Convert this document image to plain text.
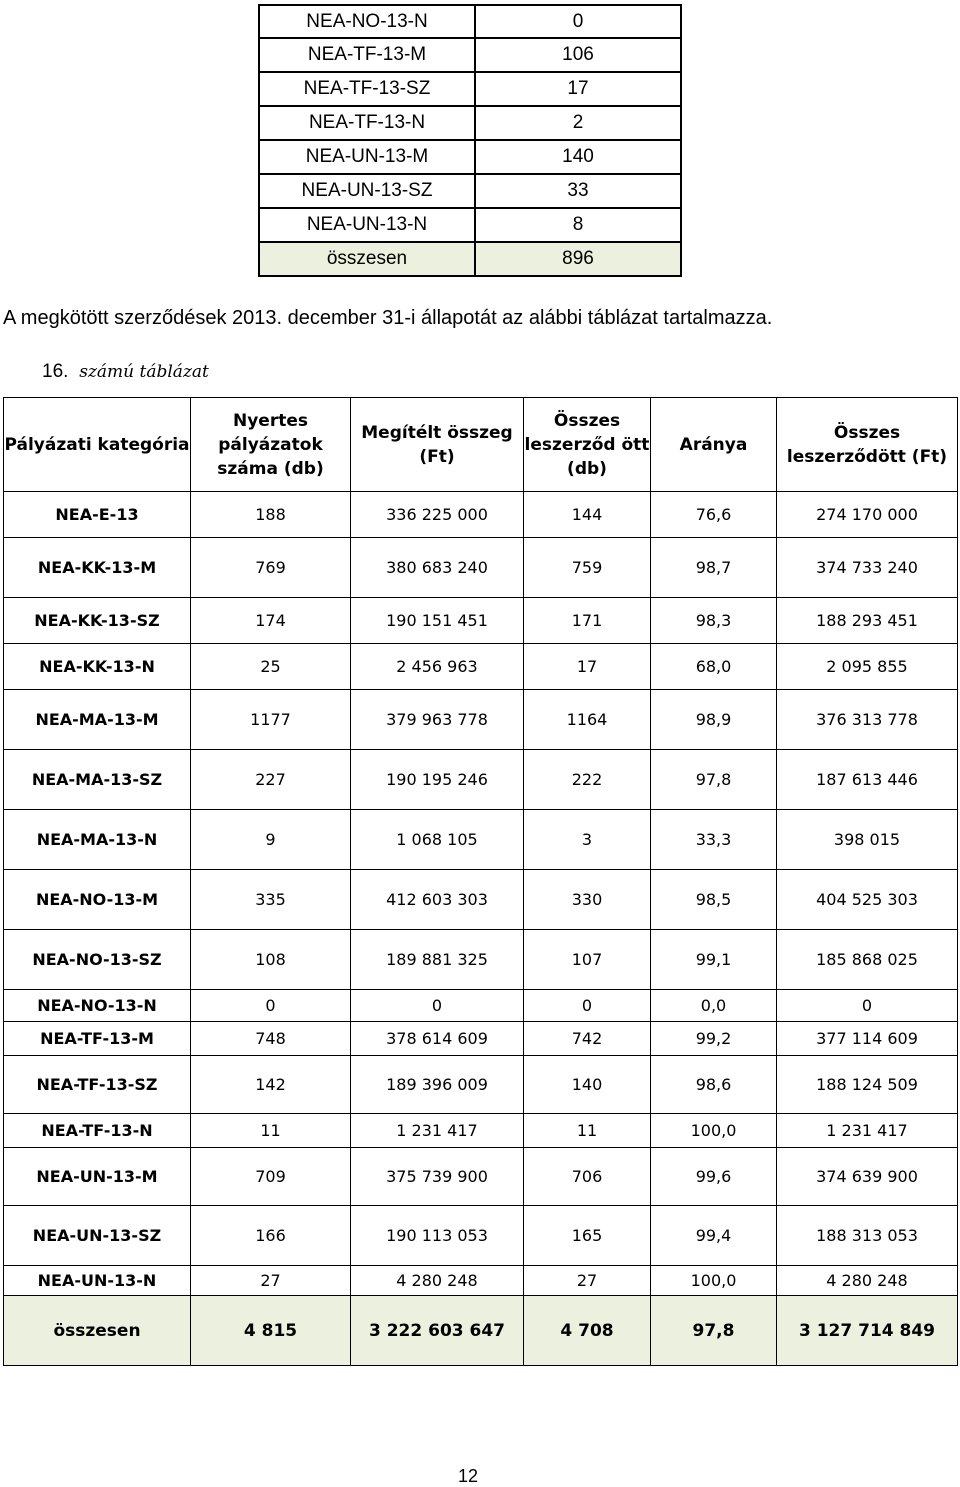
NEA-NO-13-N	0
NEA-TF-13-M	106
NEA-TF-13-SZ	17
NEA-TF-13-N	2
NEA-UN-13-M	140
NEA-UN-13-SZ	33
NEA-UN-13-N	8
összesen	896
A megkötött szerződések 2013. december 31-i állapotát az alábbi táblázat tartalmazza.
16. számú táblázat
Pályázati kategória	Nyertes pályázatok száma (db)	Megítélt összeg (Ft)	Összes leszerződ ött (db)	Aránya	Összes leszerződött (Ft)
NEA-E-13	188	336 225 000	144	76,6	274 170 000
NEA-KK-13-M	769	380 683 240	759	98,7	374 733 240
NEA-KK-13-SZ	174	190 151 451	171	98,3	188 293 451
NEA-KK-13-N	25	2 456 963	17	68,0	2 095 855
NEA-MA-13-M	1177	379 963 778	1164	98,9	376 313 778
NEA-MA-13-SZ	227	190 195 246	222	97,8	187 613 446
NEA-MA-13-N	9	1 068 105	3	33,3	398 015
NEA-NO-13-M	335	412 603 303	330	98,5	404 525 303
NEA-NO-13-SZ	108	189 881 325	107	99,1	185 868 025
NEA-NO-13-N	0	0	0	0,0	0
NEA-TF-13-M	748	378 614 609	742	99,2	377 114 609
NEA-TF-13-SZ	142	189 396 009	140	98,6	188 124 509
NEA-TF-13-N	11	1 231 417	11	100,0	1 231 417
NEA-UN-13-M	709	375 739 900	706	99,6	374 639 900
NEA-UN-13-SZ	166	190 113 053	165	99,4	188 313 053
NEA-UN-13-N	27	4 280 248	27	100,0	4 280 248
összesen	4 815	3 222 603 647	4 708	97,8	3 127 714 849
12
